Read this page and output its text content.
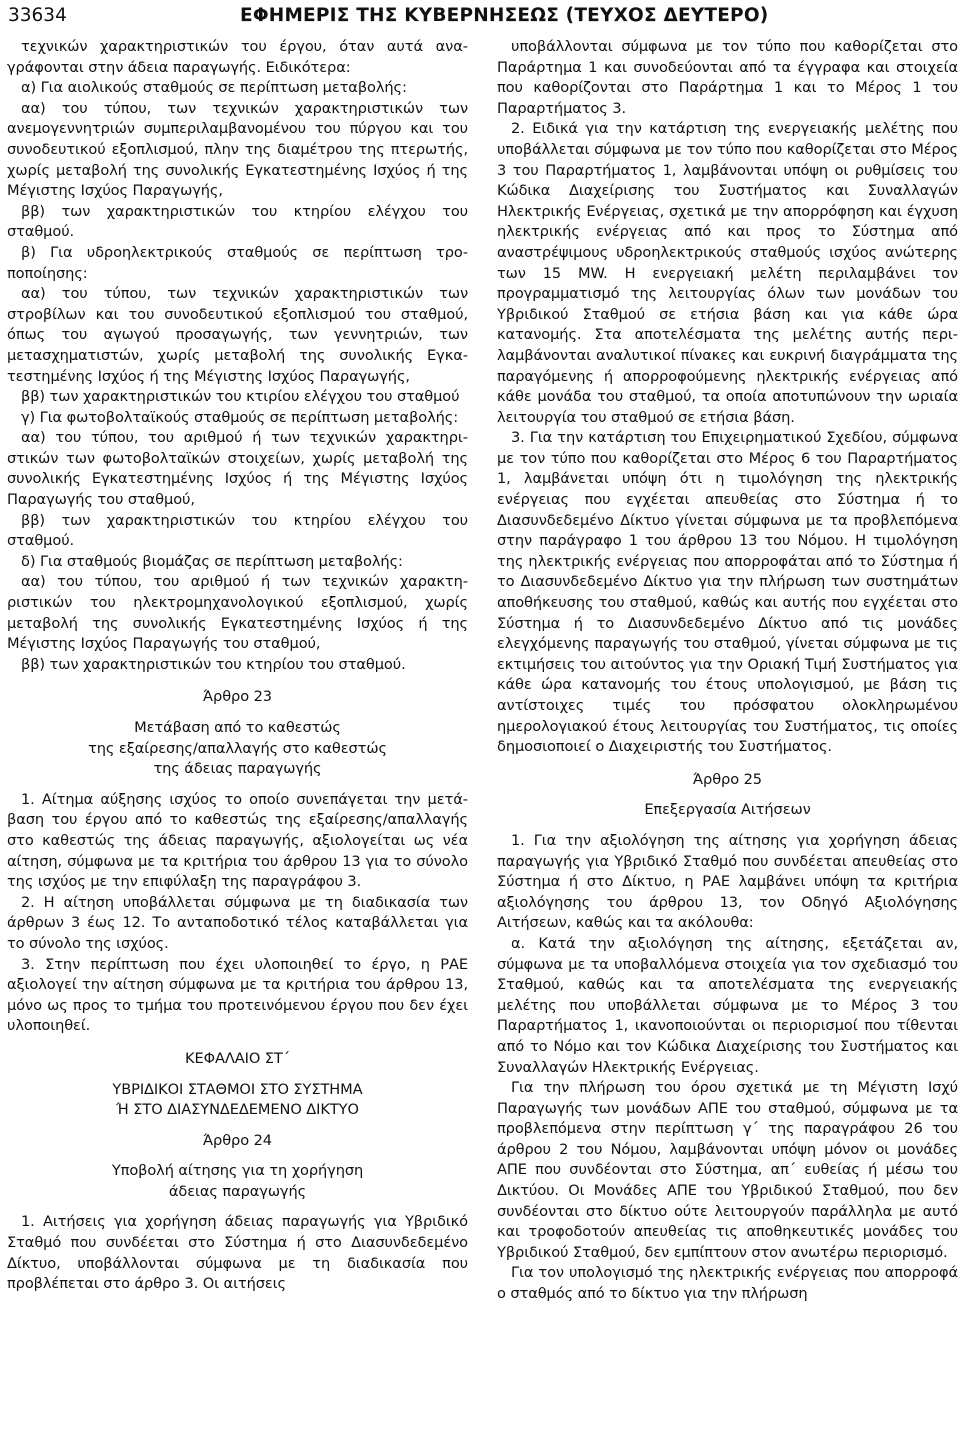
33634	ΕΦΗΜΕΡΙΣ ΤΗΣ ΚΥΒΕΡΝΗΣΕΩΣ (ΤΕΥΧΟΣ ΔΕΥΤΕΡΟ)

τεχνικών χαρακτηριστικών του έργου, όταν αυτά αναγράφονται στην άδεια παραγωγής. Ειδικότερα:

α) Για αιολικούς σταθμούς σε περίπτωση μεταβολής:

αα) του τύπου, των τεχνικών χαρακτηριστικών των ανεμογεννητριών συμπεριλαμβανομένου του πύργου και του συνοδευτικού εξοπλισμού, πλην της διαμέτρου της πτερωτής, χωρίς μεταβολή της συνολικής Εγκατεστημένης Ισχύος ή της Μέγιστης Ισχύος Παραγωγής,

ββ) των χαρακτηριστικών του κτηρίου ελέγχου του σταθμού.

β) Για υδροηλεκτρικούς σταθμούς σε περίπτωση τροποποίησης:

αα) του τύπου, των τεχνικών χαρακτηριστικών των στροβίλων και του συνοδευτικού εξοπλισμού του σταθμού, όπως του αγωγού προσαγωγής, των γεννητριών, των μετασχηματιστών, χωρίς μεταβολή της συνολικής Εγκατεστημένης Ισχύος ή της Μέγιστης Ισχύος Παραγωγής,

ββ) των χαρακτηριστικών του κτιρίου ελέγχου του σταθμού

γ) Για φωτοβολταϊκούς σταθμούς σε περίπτωση μεταβολής:

αα) του τύπου, του αριθμού ή των τεχνικών χαρακτηριστικών των φωτοβολταϊκών στοιχείων, χωρίς μεταβολή της συνολικής Εγκατεστημένης Ισχύος ή της Μέγιστης Ισχύος Παραγωγής του σταθμού,

ββ) των χαρακτηριστικών του κτηρίου ελέγχου του σταθμού.

δ) Για σταθμούς βιομάζας σε περίπτωση μεταβολής:

αα) του τύπου, του αριθμού ή των τεχνικών χαρακτηριστικών του ηλεκτρομηχανολογικού εξοπλισμού, χωρίς μεταβολή της συνολικής Εγκατεστημένης Ισχύος ή της Μέγιστης Ισχύος Παραγωγής του σταθμού,

ββ) των χαρακτηριστικών του κτηρίου του σταθμού.

Άρθρο 23

Μετάβαση από το καθεστώς

της εξαίρεσης/απαλλαγής στο καθεστώς

της άδειας παραγωγής

1. Αίτημα αύξησης ισχύος το οποίο συνεπάγεται την μετάβαση του έργου από το καθεστώς της εξαίρεσης/απαλλαγής στο καθεστώς της άδειας παραγωγής, αξιολογείται ως νέα αίτηση, σύμφωνα με τα κριτήρια του άρθρου 13 για το σύνολο της ισχύος με την επιφύλαξη της παραγράφου 3.

2. Η αίτηση υποβάλλεται σύμφωνα με τη διαδικασία των άρθρων 3 έως 12. Το ανταποδοτικό τέλος καταβάλλεται για το σύνολο της ισχύος.

3. Στην περίπτωση που έχει υλοποιηθεί το έργο, η ΡΑΕ αξιολογεί την αίτηση σύμφωνα με τα κριτήρια του άρθρου 13, μόνο ως προς το τμήμα του προτεινόμενου έργου που δεν έχει υλοποιηθεί.

ΚΕΦΑΛΑΙΟ ΣΤ΄

ΥΒΡΙΔΙΚΟΙ ΣΤΑΘΜΟΙ ΣΤΟ ΣΥΣΤΗΜΑ

Ή ΣΤΟ ΔΙΑΣΥΝΔΕΔΕΜΕΝΟ ΔΙΚΤΥΟ

Άρθρο 24

Υποβολή αίτησης για τη χορήγηση

άδειας παραγωγής

1. Αιτήσεις για χορήγηση άδειας παραγωγής για Υβριδικό Σταθμό που συνδέεται στο Σύστημα ή στο Διασυνδεδεμένο Δίκτυο, υποβάλλονται σύμφωνα με τη διαδικασία που προβλέπεται στο άρθρο 3. Οι αιτήσεις

υποβάλλονται σύμφωνα με τον τύπο που καθορίζεται στο Παράρτημα 1 και συνοδεύονται από τα έγγραφα και στοιχεία που καθορίζονται στο Παράρτημα 1 και το Μέρος 1 του Παραρτήματος 3.

2. Ειδικά για την κατάρτιση της ενεργειακής μελέτης που υποβάλλεται σύμφωνα με τον τύπο που καθορίζεται στο Μέρος 3 του Παραρτήματος 1, λαμβάνονται υπόψη οι ρυθμίσεις του Κώδικα Διαχείρισης του Συστήματος και Συναλλαγών Ηλεκτρικής Ενέργειας, σχετικά με την απορρόφηση και έγχυση ηλεκτρικής ενέργειας από και προς το Σύστημα από αναστρέψιμους υδροηλεκτρικούς σταθμούς ισχύος ανώτερης των 15 MW. Η ενεργειακή μελέτη περιλαμβάνει τον προγραμματισμό της λειτουργίας όλων των μονάδων του Υβριδικού Σταθμού σε ετήσια βάση και για κάθε ώρα κατανομής. Στα αποτελέσματα της μελέτης αυτής περιλαμβάνονται αναλυτικοί πίνακες και ευκρινή διαγράμματα της παραγόμενης ή απορροφούμενης ηλεκτρικής ενέργειας από κάθε μονάδα του σταθμού, τα οποία αποτυπώνουν την ωριαία λειτουργία του σταθμού σε ετήσια βάση.

3. Για την κατάρτιση του Επιχειρηματικού Σχεδίου, σύμφωνα με τον τύπο που καθορίζεται στο Μέρος 6 του Παραρτήματος 1, λαμβάνεται υπόψη ότι η τιμολόγηση της ηλεκτρικής ενέργειας που εγχέεται απευθείας στο Σύστημα ή το Διασυνδεδεμένο Δίκτυο γίνεται σύμφωνα με τα προβλεπόμενα στην παράγραφο 1 του άρθρου 13 του Νόμου. Η τιμολόγηση της ηλεκτρικής ενέργειας που απορροφάται από το Σύστημα ή το Διασυνδεδεμένο Δίκτυο για την πλήρωση των συστημάτων αποθήκευσης του σταθμού, καθώς και αυτής που εγχέεται στο Σύστημα ή το Διασυνδεδεμένο Δίκτυο από τις μονάδες ελεγχόμενης παραγωγής του σταθμού, γίνεται σύμφωνα με τις εκτιμήσεις του αιτούντος για την Οριακή Τιμή Συστήματος για κάθε ώρα κατανομής του έτους υπολογισμού, με βάση τις αντίστοιχες τιμές του πρόσφατου ολοκληρωμένου ημερολογιακού έτους λειτουργίας του Συστήματος, τις οποίες δημοσιοποιεί ο Διαχειριστής του Συστήματος.

Άρθρο 25

Επεξεργασία Αιτήσεων

1. Για την αξιολόγηση της αίτησης για χορήγηση άδειας παραγωγής για Υβριδικό Σταθμό που συνδέεται απευθείας στο Σύστημα ή στο Δίκτυο, η ΡΑΕ λαμβάνει υπόψη τα κριτήρια αξιολόγησης του άρθρου 13, τον Οδηγό Αξιολόγησης Αιτήσεων, καθώς και τα ακόλουθα:

α. Κατά την αξιολόγηση της αίτησης, εξετάζεται αν, σύμφωνα με τα υποβαλλόμενα στοιχεία για τον σχεδιασμό του Σταθμού, καθώς και τα αποτελέσματα της ενεργειακής μελέτης που υποβάλλεται σύμφωνα με το Μέρος 3 του Παραρτήματος 1, ικανοποιούνται οι περιορισμοί που τίθενται από το Νόμο και τον Κώδικα Διαχείρισης του Συστήματος και Συναλλαγών Ηλεκτρικής Ενέργειας.

Για την πλήρωση του όρου σχετικά με τη Μέγιστη Ισχύ Παραγωγής των μονάδων ΑΠΕ του σταθμού, σύμφωνα με τα προβλεπόμενα στην περίπτωση γ΄ της παραγράφου 26 του άρθρου 2 του Νόμου, λαμβάνονται υπόψη μόνον οι μονάδες ΑΠΕ που συνδέονται στο Σύστημα, απ΄ ευθείας ή μέσω του Δικτύου. Οι Μονάδες ΑΠΕ του Υβριδικού Σταθμού, που δεν συνδέονται στο δίκτυο ούτε λειτουργούν παράλληλα με αυτό και τροφοδοτούν απευθείας τις αποθηκευτικές μονάδες του Υβριδικού Σταθμού, δεν εμπίπτουν στον ανωτέρω περιορισμό.

Για τον υπολογισμό της ηλεκτρικής ενέργειας που απορροφά ο σταθμός από το δίκτυο για την πλήρωση
